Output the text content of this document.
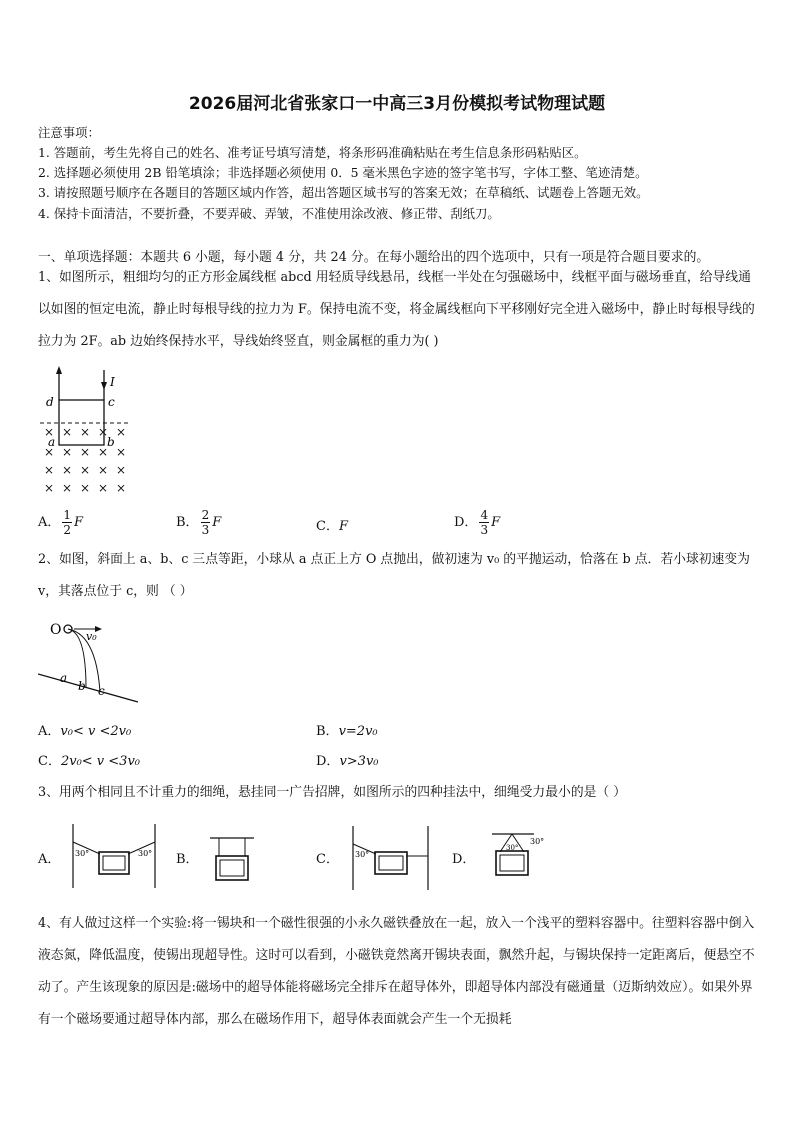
2026届河北省张家口一中高三3月份模拟考试物理试题
注意事项：
1. 答题前，考生先将自己的姓名、准考证号填写清楚，将条形码准确粘贴在考生信息条形码粘贴区。
2. 选择题必须使用 2B 铅笔填涂；非选择题必须使用 0．5 毫米黑色字迹的签字笔书写，字体工整、笔迹清楚。
3. 请按照题号顺序在各题目的答题区域内作答，超出答题区域书写的答案无效；在草稿纸、试题卷上答题无效。
4. 保持卡面清洁，不要折叠，不要弄破、弄皱，不准使用涂改液、修正带、刮纸刀。
一、单项选择题：本题共 6 小题，每小题 4 分，共 24 分。在每小题给出的四个选项中，只有一项是符合题目要求的。
1、如图所示，粗细均匀的正方形金属线框 abcd 用轻质导线悬吊，线框一半处在匀强磁场中，线框平面与磁场垂直，给导线通以如图的恒定电流，静止时每根导线的拉力为 F。保持电流不变，将金属线框向下平移刚好完全进入磁场中，静止时每根导线的拉力为 2F。ab 边始终保持水平，导线始终竖直，则金属框的重力为( )
d	c
a	b
I
× × × × ×
× × × × ×
× × × × ×
× × × × ×
A． $\frac{1}{2}$ F	B． $\frac{2}{3}$ F	C．F	D． $\frac{4}{3}$ F
2、如图，斜面上 a、b、c 三点等距，小球从 a 点正上方 O 点抛出，做初速为 v₀ 的平抛运动，恰落在 b 点．若小球初速变为 v，其落点位于 c，则 （ ）
O v₀
a
b c
A．v₀< v <2v₀	B．v=2v₀
C．2v₀< v <3v₀	D．v>3v₀
3、用两个相同且不计重力的细绳，悬挂同一广告招牌，如图所示的四种挂法中，细绳受力最小的是（ ）
A． 30°	30° B．	C． 30°	D．
30°
30°
4、有人做过这样一个实验:将一锡块和一个磁性很强的小永久磁铁叠放在一起，放入一个浅平的塑料容器中。往塑料容器中倒入液态氮，降低温度，使锡出现超导性。这时可以看到，小磁铁竟然离开锡块表面，飘然升起，与锡块保持一定距离后，便悬空不动了。产生该现象的原因是:磁场中的超导体能将磁场完全排斥在超导体外，即超导体内部没有磁通量（迈斯纳效应）。如果外界有一个磁场要通过超导体内部，那么在磁场作用下，超导体表面就会产生一个无损耗
